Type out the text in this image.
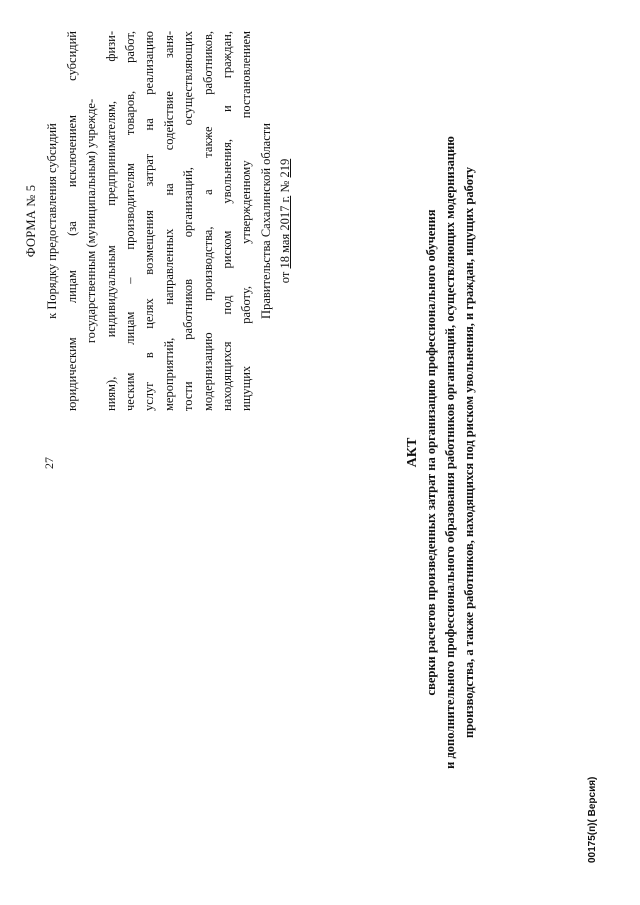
27
ФОРМА № 5 к Порядку предоставления субсидий юридическим лицам (за исключением субсидий государственным (муниципальным) учрежде- ниям), индивидуальным предпринимателям, физи- ческим лицам – производителям товаров, работ, услуг в целях возмещения затрат на реализацию мероприятий, направленных на содействие заня- тости работников организаций, осуществляющих модернизацию производства, а также работников, находящихся под риском увольнения, и граждан, ищущих работу, утвержденному постановлением Правительства Сахалинской области от 18 мая 2017 г. № 219
АКТ сверки расчетов произведенных затрат на организацию профессионального обучения и дополнительного профессионального образования работников организаций, осуществляющих модернизацию производства, а также работников, находящихся под риском увольнения, и граждан, ищущих работу
00175(п)( Версия)
